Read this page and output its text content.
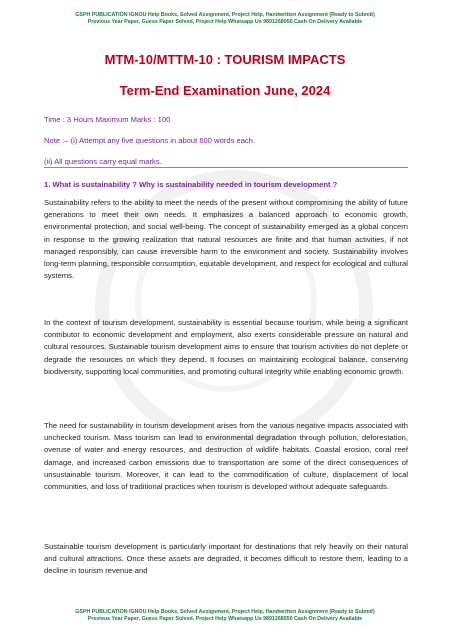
GSPH PUBLICATION IGNOU Help Books, Solved Assignment, Project Help, Handwritten Assignment (Ready to Submit)
Previous Year Paper, Guess Paper Solved, Project Help Whatsapp Us 9891268050 Cash On Delivery Available
MTM-10/MTTM-10 : TOURISM IMPACTS
Term-End Examination June, 2024
Time : 3 Hours Maximum Marks : 100
Note :– (i) Attempt any five questions in about 600 words each.
(ii) All questions carry equal marks.
1. What is sustainability ? Why is sustainability needed in tourism development ?

Sustainability refers to the ability to meet the needs of the present without compromising the ability of future generations to meet their own needs. It emphasizes a balanced approach to economic growth, environmental protection, and social well-being. The concept of sustainability emerged as a global concern in response to the growing realization that natural resources are finite and that human activities, if not managed responsibly, can cause irreversible harm to the environment and society. Sustainability involves long-term planning, responsible consumption, equitable development, and respect for ecological and cultural systems.

In the context of tourism development, sustainability is essential because tourism, while being a significant contributor to economic development and employment, also exerts considerable pressure on natural and cultural resources. Sustainable tourism development aims to ensure that tourism activities do not deplete or degrade the resources on which they depend. It focuses on maintaining ecological balance, conserving biodiversity, supporting local communities, and promoting cultural integrity while enabling economic growth.

The need for sustainability in tourism development arises from the various negative impacts associated with unchecked tourism. Mass tourism can lead to environmental degradation through pollution, deforestation, overuse of water and energy resources, and destruction of wildlife habitats. Coastal erosion, coral reef damage, and increased carbon emissions due to transportation are some of the direct consequences of unsustainable tourism. Moreover, it can lead to the commodification of culture, displacement of local communities, and loss of traditional practices when tourism is developed without adequate safeguards.

Sustainable tourism development is particularly important for destinations that rely heavily on their natural and cultural attractions. Once these assets are degraded, it becomes difficult to restore them, leading to a decline in tourism revenue and

GSPH PUBLICATION IGNOU Help Books, Solved Assignment, Project Help, Handwritten Assignment (Ready to Submit)
Previous Year Paper, Guess Paper Solved, Project Help Whatsapp Us 9891268050 Cash On Delivery Available
